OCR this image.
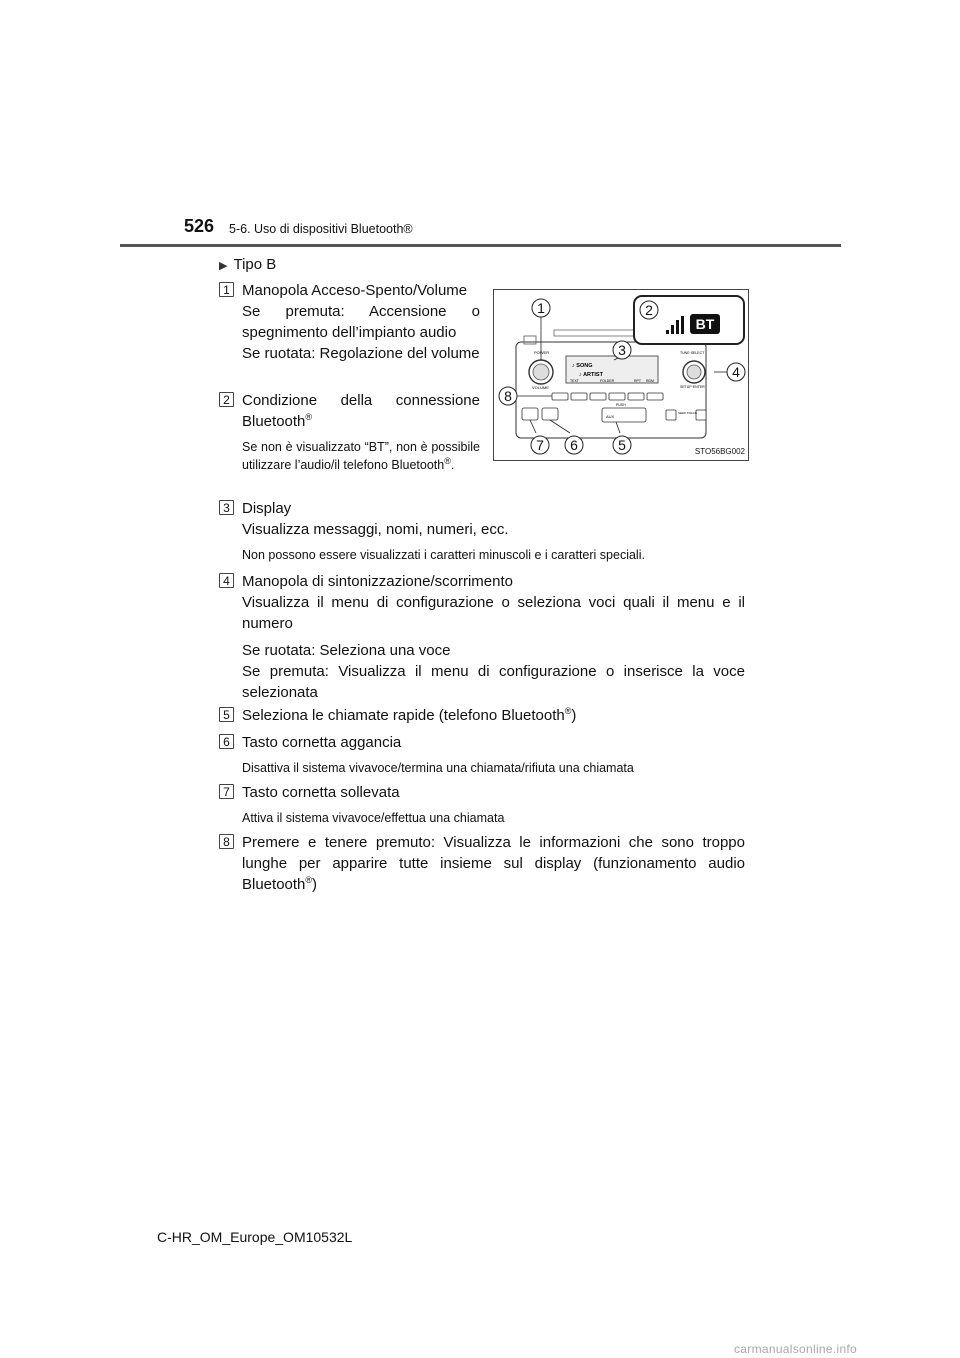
526 5-6. Uso di dispositivi Bluetooth®
▶ Tipo B
1 Manopola Acceso-Spento/Volume
Se premuta: Accensione o spegnimento dell’impianto audio
Se ruotata: Regolazione del volume
2 Condizione della connessione Bluetooth®
Se non è visualizzato “BT”, non è possibile utilizzare l’audio/il telefono Bluetooth®.
3 Display
Visualizza messaggi, nomi, numeri, ecc.
Non possono essere visualizzati i caratteri minuscoli e i caratteri speciali.
4 Manopola di sintonizzazione/scorrimento
Visualizza il menu di configurazione o seleziona voci quali il menu e il numero
Se ruotata: Seleziona una voce
Se premuta: Visualizza il menu di configurazione o inserisce la voce selezionata
5 Seleziona le chiamate rapide (telefono Bluetooth®)
6 Tasto cornetta aggancia
Disattiva il sistema vivavoce/termina una chiamata/rifiuta una chiamata
7 Tasto cornetta sollevata
Attiva il sistema vivavoce/effettua una chiamata
8 Premere e tenere premuto: Visualizza le informazioni che sono troppo lunghe per apparire tutte insieme sul display (funzionamento audio Bluetooth®)
POWER
VOLUME
♪ SONG
♪ ARTIST
TEXT	FOLDER	RPT RDM
TUNE·SELECT
SETUP·ENTER
AUX
PUSH
SEEK TRACK
BT
1	2
3
4
5
6
7
8
STO56BG002
C-HR_OM_Europe_OM10532L
carmanualsonline.info
